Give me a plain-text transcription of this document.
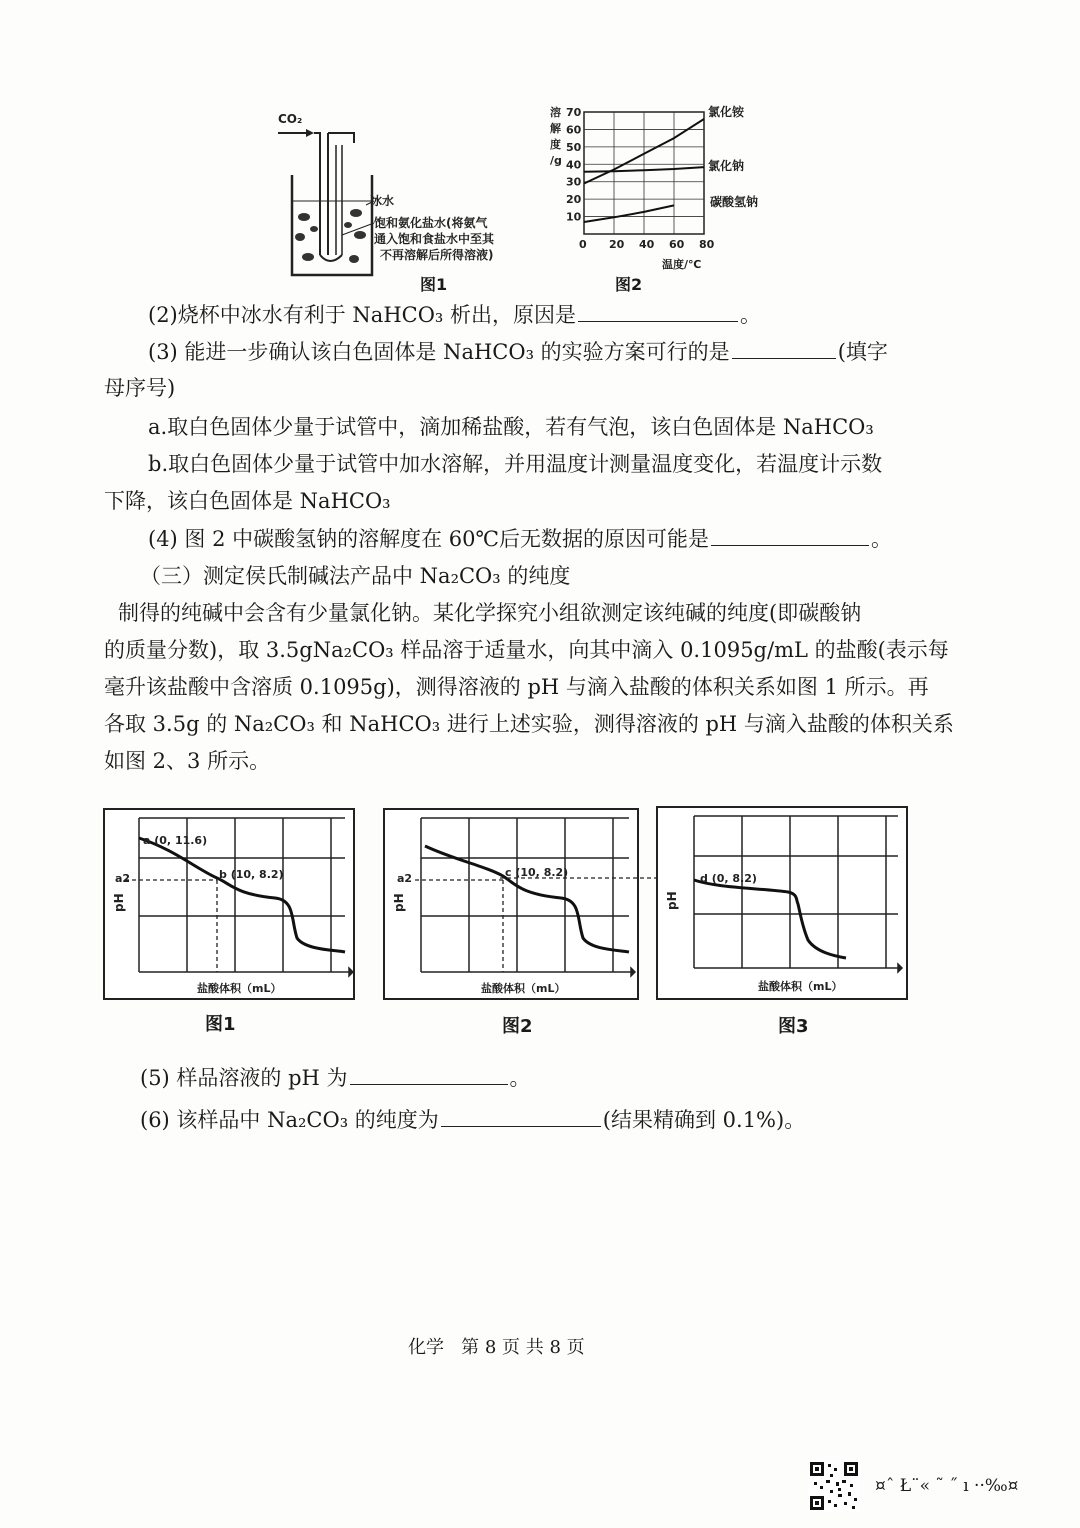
CO₂
冰水
饱和氨化盐水(将氨气
通入饱和食盐水中至其
不再溶解后所得溶液)
图1
溶
解
度
/g
70
60
50
40
30
20
10
0 20 40 60 80
温度/℃
氯化铵
氯化钠
碳酸氢钠
图2
(2)烧杯中冰水有利于 NaHCO₃ 析出，原因是	。
(3) 能进一步确认该白色固体是 NaHCO₃ 的实验方案可行的是	(填字
母序号)
a.取白色固体少量于试管中，滴加稀盐酸，若有气泡，该白色固体是 NaHCO₃
b.取白色固体少量于试管中加水溶解，并用温度计测量温度变化，若温度计示数
下降，该白色固体是 NaHCO₃
(4) 图 2 中碳酸氢钠的溶解度在 60℃后无数据的原因可能是	。
（三）测定侯氏制碱法产品中 Na₂CO₃ 的纯度
制得的纯碱中会含有少量氯化钠。某化学探究小组欲测定该纯碱的纯度(即碳酸钠
的质量分数)，取 3.5gNa₂CO₃ 样品溶于适量水，向其中滴入 0.1095g/mL 的盐酸(表示每
毫升该盐酸中含溶质 0.1095g)，测得溶液的 pH 与滴入盐酸的体积关系如图 1 所示。再
各取 3.5g 的 Na₂CO₃ 和 NaHCO₃ 进行上述实验，测得溶液的 pH 与滴入盐酸的体积关系
如图 2、3 所示。
a2
pH
a (0, 11.6)
b (10, 8.2)
盐酸体积（mL）
图1
a2
pH
c (10, 8.2)
盐酸体积（mL）
图2
pH
d (0, 8.2)
盐酸体积（mL）
图3
(5) 样品溶液的 pH 为	。
(6) 该样品中 Na₂CO₃ 的纯度为	(结果精确到 0.1%)。
化学   第 8 页 共 8 页
¤ˆ Ł¨« ˜ ˝ ı ··‰¤
